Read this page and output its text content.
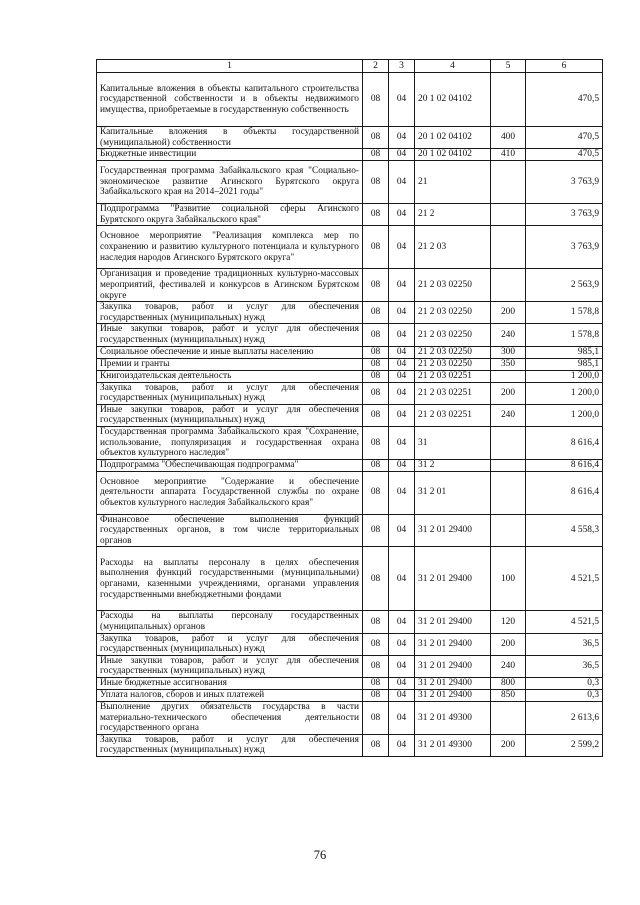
1	2	3	4	5	6
Капитальные вложения в объекты капитального строительства государственной собственности и в объекты недвижимого имущества, приобретаемые в государственную собственность	08	04	20 1 02 04102		470,5
Капитальные вложения в объекты государственной (муниципальной) собственности	08	04	20 1 02 04102	400	470,5
Бюджетные инвестиции	08	04	20 1 02 04102	410	470,5
Государственная программа Забайкальского края "Социально-экономическое развитие Агинского Бурятского округа Забайкальского края на 2014–2021 годы"	08	04	21		3 763,9
Подпрограмма "Развитие социальной сферы Агинского Бурятского округа Забайкальского края"	08	04	21 2		3 763,9
Основное мероприятие "Реализация комплекса мер по сохранению и развитию культурного потенциала и культурного наследия народов Агинского Бурятского округа"	08	04	21 2 03		3 763,9
Организация и проведение традиционных культурно-массовых мероприятий, фестивалей и конкурсов в Агинском Бурятском округе	08	04	21 2 03 02250		2 563,9
Закупка товаров, работ и услуг для обеспечения государственных (муниципальных) нужд	08	04	21 2 03 02250	200	1 578,8
Иные закупки товаров, работ и услуг для обеспечения государственных (муниципальных) нужд	08	04	21 2 03 02250	240	1 578,8
Социальное обеспечение и иные выплаты населению	08	04	21 2 03 02250	300	985,1
Премии и гранты	08	04	21 2 03 02250	350	985,1
Книгоиздательская деятельность	08	04	21 2 03 02251		1 200,0
Закупка товаров, работ и услуг для обеспечения государственных (муниципальных) нужд	08	04	21 2 03 02251	200	1 200,0
Иные закупки товаров, работ и услуг для обеспечения государственных (муниципальных) нужд	08	04	21 2 03 02251	240	1 200,0
Государственная программа Забайкальского края "Сохранение, использование, популяризация и государственная охрана объектов культурного наследия"	08	04	31		8 616,4
Подпрограмма "Обеспечивающая подпрограмма"	08	04	31 2		8 616,4
Основное мероприятие "Содержание и обеспечение деятельности аппарата Государственной службы по охране объектов культурного наследия Забайкальского края"	08	04	31 2 01		8 616,4
Финансовое обеспечение выполнения функций государственных органов, в том числе территориальных органов	08	04	31 2 01 29400		4 558,3
Расходы на выплаты персоналу в целях обеспечения выполнения функций государственными (муниципальными) органами, казенными учреждениями, органами управления государственными внебюджетными фондами	08	04	31 2 01 29400	100	4 521,5
Расходы на выплаты персоналу государственных (муниципальных) органов	08	04	31 2 01 29400	120	4 521,5
Закупка товаров, работ и услуг для обеспечения государственных (муниципальных) нужд	08	04	31 2 01 29400	200	36,5
Иные закупки товаров, работ и услуг для обеспечения государственных (муниципальных) нужд	08	04	31 2 01 29400	240	36,5
Иные бюджетные ассигнования	08	04	31 2 01 29400	800	0,3
Уплата налогов, сборов и иных платежей	08	04	31 2 01 29400	850	0,3
Выполнение других обязательств государства в части материально-технического обеспечения деятельности государственного органа	08	04	31 2 01 49300		2 613,6
Закупка товаров, работ и услуг для обеспечения государственных (муниципальных) нужд	08	04	31 2 01 49300	200	2 599,2
76
